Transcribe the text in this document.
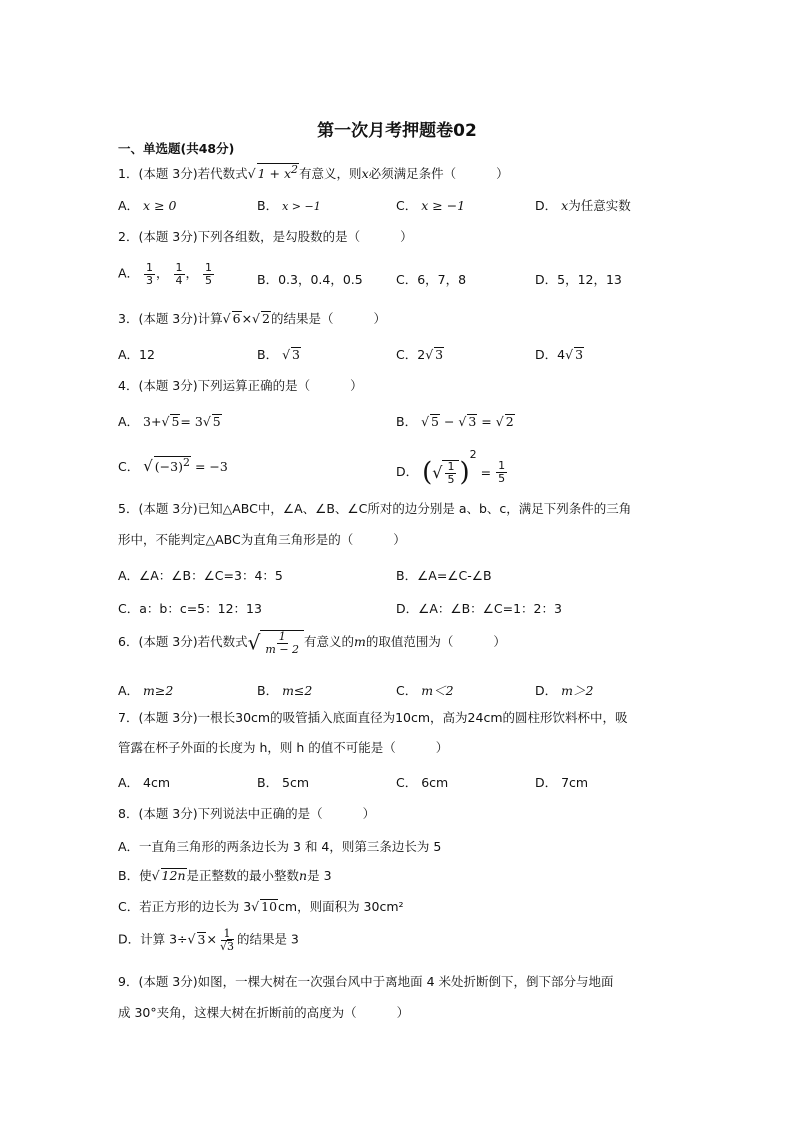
第一次月考押题卷02
一、单选题(共48分)
1．(本题 3分)若代数式√ $1 + x^2$有意义，则x必须满足条件（	）
A． x ≥ 0	B． x > −1	C． x ≥ −1	D． x为任意实数
2．(本题 3分)下列各组数，是勾股数的是（	）
A． $\frac{1}{3}$ ， $\frac{1}{4}$ ， $\frac{1}{5}$	B．0.3，0.4，0.5	C．6，7，8	D．5，12，13
3．(本题 3分)计算√ 6×√ 2的结果是（	）
A．12	B． √ 3	C．2√ 3	D．4√ 3
4．(本题 3分)下列运算正确的是（	）
A． 3+√ 5= 3√ 5	B． √ 5 − √ 3 = √ 2
C． √ $(-3)^2 = -3$	D． (√ $\frac{1}{5} )^2 = \frac{1}{5}$
5．(本题 3分)已知△ABC中，∠A、∠B、∠C所对的边分别是 a、b、c，满足下列条件的三角
形中，不能判定△ABC为直角三角形是的（	）
A．∠A：∠B：∠C=3：4：5	B．∠A=∠C-∠B
C．a：b：c=5：12：13	D．∠A：∠B：∠C=1：2：3
6．(本题 3分)若代数式√ $\frac{1}{m - 2}$ 有意义的m的取值范围为（	）
A． m≥2	B． m≤2	C． m＜2	D． m＞2
7．(本题 3分)一根长30cm的吸管插入底面直径为10cm，高为24cm的圆柱形饮料杯中，吸
管露在杯子外面的长度为 h，则 h 的值不可能是（	）
A． 4cm	B． 5cm	C． 6cm	D． 7cm
8．(本题 3分)下列说法中正确的是（	）
A．一直角三角形的两条边长为 3 和 4，则第三条边长为 5
B．使√ 12n是正整数的最小整数n是 3
C．若正方形的边长为 3√ 10cm，则面积为 30cm²
D．计算 3÷√ $3\times \frac{1}{√3}$ 的结果是 3
9．(本题 3分)如图，一棵大树在一次强台风中于离地面 4 米处折断倒下，倒下部分与地面
成 30°夹角，这棵大树在折断前的高度为（	）
